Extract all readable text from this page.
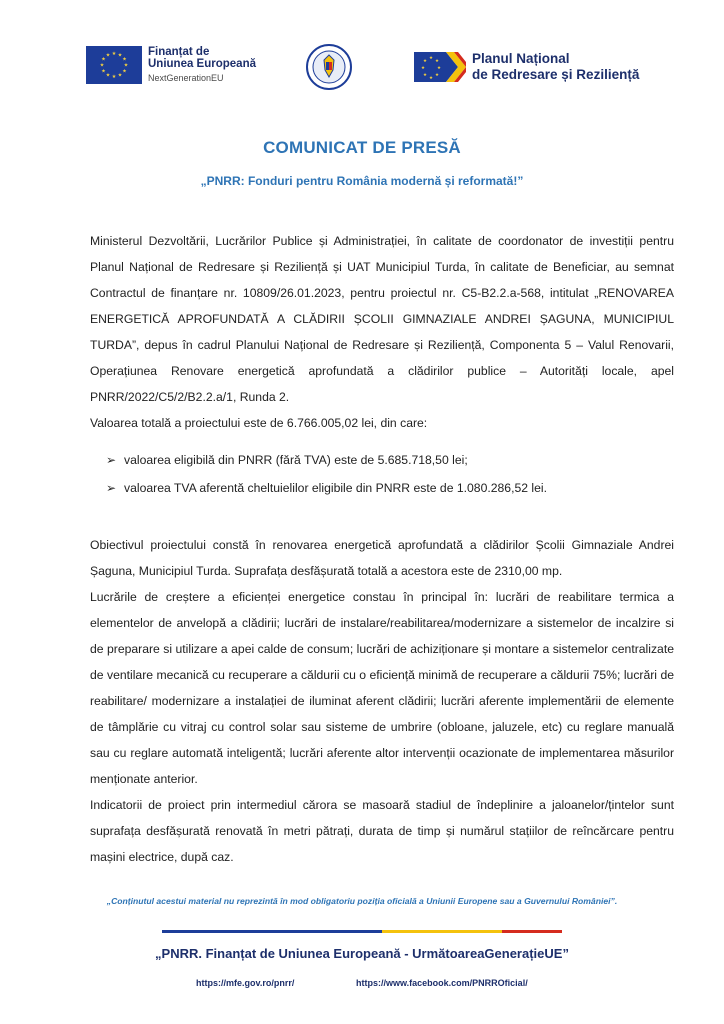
★ ★
★
★
★
★
★
★
★
★
★
★	Finanțat de
Uniunea Europeană
NextGenerationEU
★
★
★
★
★
★
★
★	Planul Național
de Redresare și Reziliență
COMUNICAT DE PRESĂ
„PNRR: Fonduri pentru România modernă și reformată!”

Ministerul Dezvoltării, Lucrărilor Publice și Administrației, în calitate de coordonator de investiții pentru Planul Național de Redresare și Reziliență și UAT Municipiul Turda, în calitate de Beneficiar, au semnat Contractul de finanțare nr. 10809/26.01.2023, pentru proiectul nr. C5-B2.2.a-568, intitulat „RENOVAREA ENERGETICĂ APROFUNDATĂ A CLĂDIRII ȘCOLII GIMNAZIALE ANDREI ȘAGUNA, MUNICIPIUL TURDA”, depus în cadrul Planului Național de Redresare și Reziliență, Componenta 5 – Valul Renovarii, Operațiunea Renovare energetică aprofundată a clădirilor publice – Autorități locale, apel PNRR/2022/C5/2/B2.2.a/1, Runda 2.

Valoarea totală a proiectului este de 6.766.005,02 lei, din care:

➢ valoarea eligibilă din PNRR (fără TVA) este de 5.685.718,50 lei;
➢ valoarea TVA aferentă cheltuielilor eligibile din PNRR este de 1.080.286,52 lei.

Obiectivul proiectului constă în renovarea energetică aprofundată a clădirilor Școlii Gimnaziale Andrei Șaguna, Municipiul Turda. Suprafața desfășurată totală a acestora este de 2310,00 mp.

Lucrările de creștere a eficienței energetice constau în principal în: lucrări de reabilitare termica a elementelor de anvelopă a clădirii; lucrări de instalare/reabilitarea/modernizare a sistemelor de incalzire si de preparare si utilizare a apei calde de consum; lucrări de achiziționare și montare a sistemelor centralizate de ventilare mecanică cu recuperare a căldurii cu o eficiență minimă de recuperare a căldurii 75%; lucrări de reabilitare/ modernizare a instalației de iluminat aferent clădirii; lucrări aferente implementării de elemente de tâmplărie cu vitraj cu control solar sau sisteme de umbrire (obloane, jaluzele, etc) cu reglare manuală sau cu reglare automată inteligentă; lucrări aferente altor intervenții ocazionate de implementarea măsurilor menționate anterior.

Indicatorii de proiect prin intermediul cărora se masoară stadiul de îndeplinire a jaloanelor/țintelor sunt suprafața desfășurată renovată în metri pătrați, durata de timp și numărul stațiilor de reîncărcare pentru mașini electrice, după caz.

„Conținutul acestui material nu reprezintă în mod obligatoriu poziția oficială a Uniunii Europene sau a Guvernului României”.
„PNRR. Finanțat de Uniunea Europeană - UrmătoareaGenerațieUE”
https://mfe.gov.ro/pnrr/	https://www.facebook.com/PNRROficial/
